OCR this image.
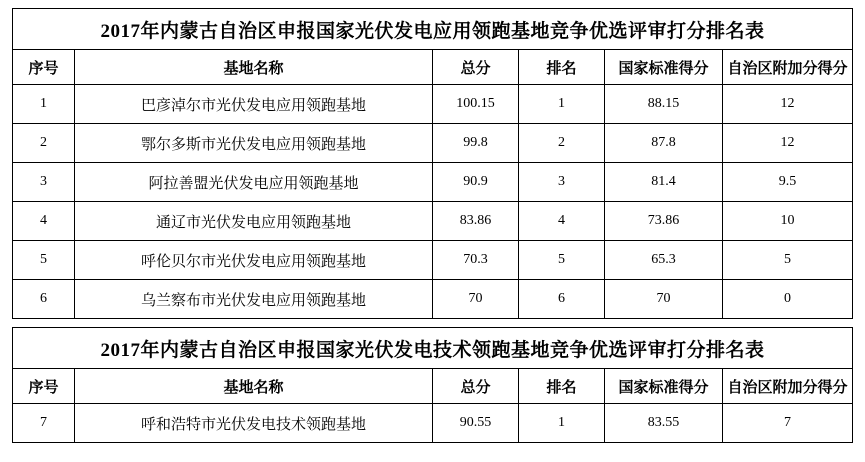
2017年内蒙古自治区申报国家光伏发电应用领跑基地竞争优选评审打分排名表					
序号	基地名称	总分	排名	国家标准得分	自治区附加分得分
1	巴彦淖尔市光伏发电应用领跑基地	100.15	1	88.15	12
2	鄂尔多斯市光伏发电应用领跑基地	99.8	2	87.8	12
3	阿拉善盟光伏发电应用领跑基地	90.9	3	81.4	9.5
4	通辽市光伏发电应用领跑基地	83.86	4	73.86	10
5	呼伦贝尔市光伏发电应用领跑基地	70.3	5	65.3	5
6	乌兰察布市光伏发电应用领跑基地	70	6	70	0
2017年内蒙古自治区申报国家光伏发电技术领跑基地竞争优选评审打分排名表					
序号	基地名称	总分	排名	国家标准得分	自治区附加分得分
7	呼和浩特市光伏发电技术领跑基地	90.55	1	83.55	7
